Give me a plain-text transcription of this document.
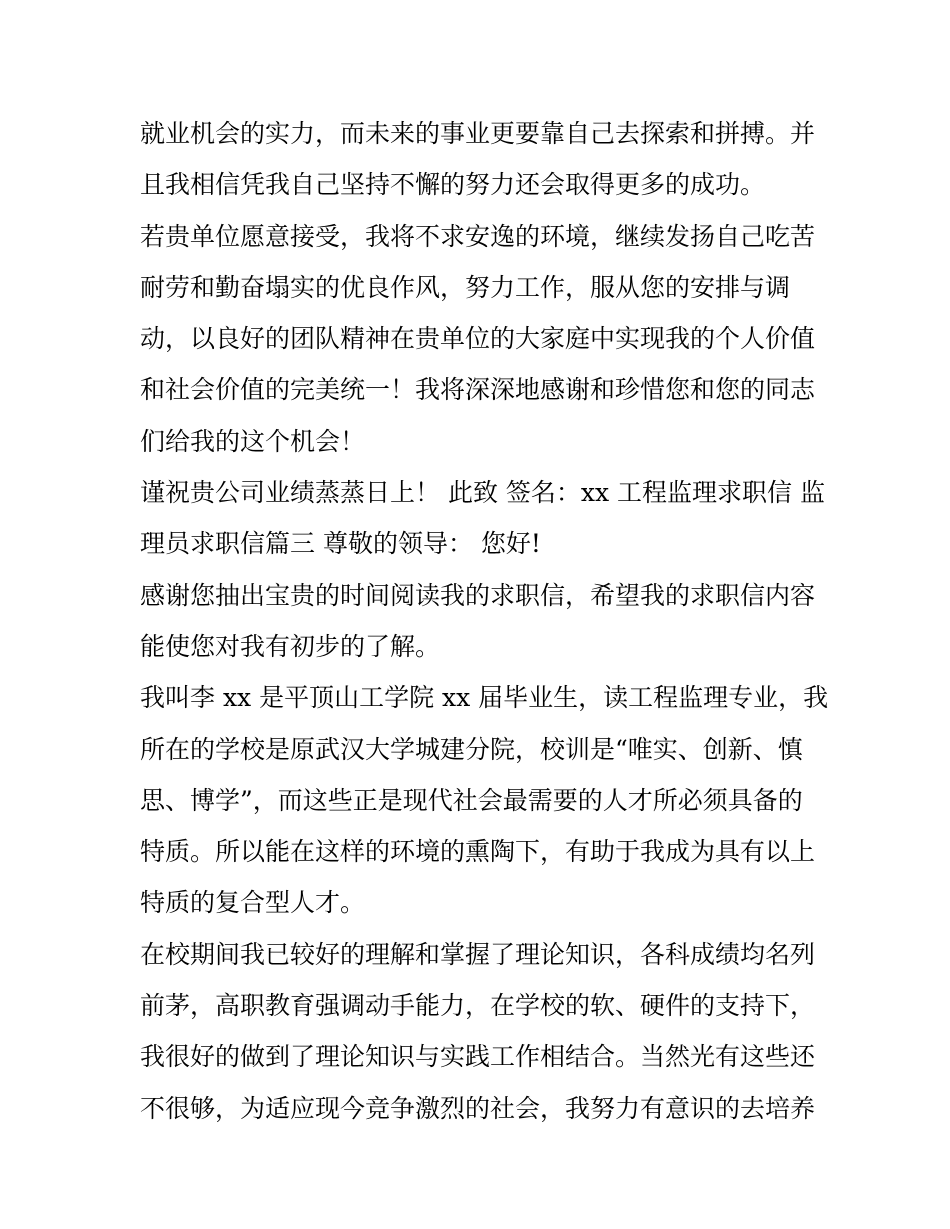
就业机会的实力，而未来的事业更要靠自己去探索和拼搏。并
且我相信凭我自己坚持不懈的努力还会取得更多的成功。
若贵单位愿意接受，我将不求安逸的环境，继续发扬自己吃苦
耐劳和勤奋塌实的优良作风，努力工作，服从您的安排与调
动，以良好的团队精神在贵单位的大家庭中实现我的个人价值
和社会价值的完美统一！我将深深地感谢和珍惜您和您的同志
们给我的这个机会！
谨祝贵公司业绩蒸蒸日上！ 此致 签名：xx 工程监理求职信 监
理员求职信篇三 尊敬的领导： 您好!
感谢您抽出宝贵的时间阅读我的求职信，希望我的求职信内容
能使您对我有初步的了解。
我叫李 xx 是平顶山工学院 xx 届毕业生，读工程监理专业，我
所在的学校是原武汉大学城建分院，校训是“唯实、创新、慎
思、博学”，而这些正是现代社会最需要的人才所必须具备的
特质。所以能在这样的环境的熏陶下，有助于我成为具有以上
特质的复合型人才。
在校期间我已较好的理解和掌握了理论知识，各科成绩均名列
前茅，高职教育强调动手能力，在学校的软、硬件的支持下，
我很好的做到了理论知识与实践工作相结合。当然光有这些还
不很够，为适应现今竞争激烈的社会，我努力有意识的去培养
